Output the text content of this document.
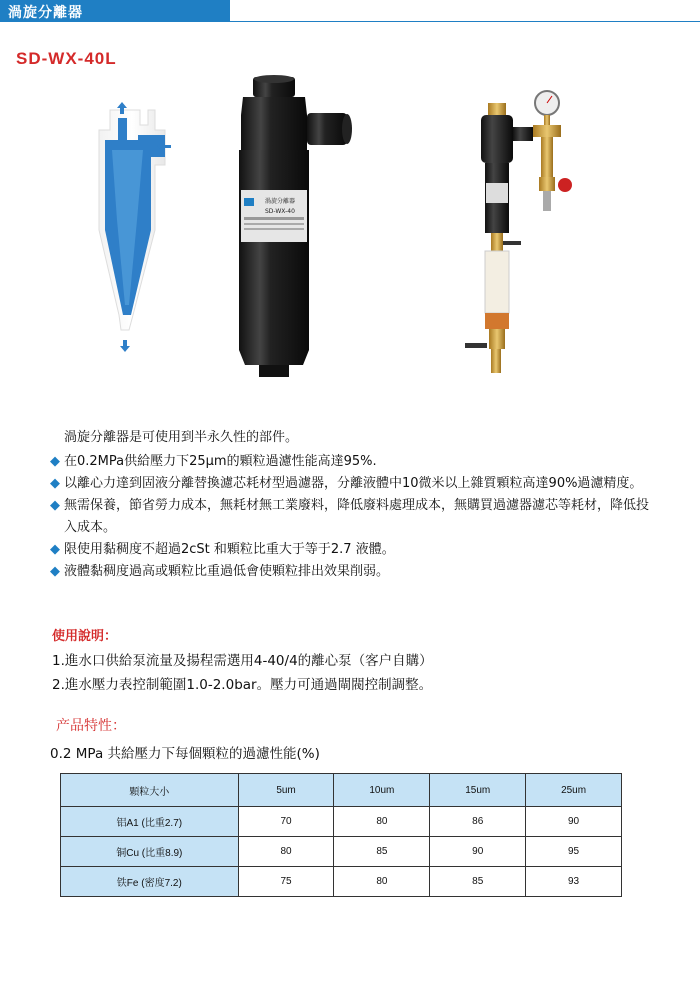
渦旋分離器
SD-WX-40L
渦旋分離器
SD-WX-40
渦旋分離器是可使用到半永久性的部件。
◆ 在0.2MPa供給壓力下25μm的顆粒過濾性能高達95%.
◆ 以離心力達到固液分離替換濾芯耗材型過濾器，分離液體中10微米以上雜質顆粒高達90%過濾精度。
◆ 無需保養，節省勞力成本，無耗材無工業廢料，降低廢料處理成本，無購買過濾器濾芯等耗材，降低投入成本。
◆ 限使用黏稠度不超過2cSt 和顆粒比重大于等于2.7 液體。
◆ 液體黏稠度過高或顆粒比重過低會使顆粒排出效果削弱。
使用說明：
1.進水口供給泵流量及揚程需選用4-40/4的離心泵（客户自購）
2.進水壓力表控制範圍1.0-2.0bar。壓力可通過閘閥控制調整。
产品特性：
0.2 MPa 共給壓力下每個顆粒的過濾性能(%)
顆粒大小	5um	10um	15um	25um
铝A1 (比重2.7)	70	80	86	90
铜Cu (比重8.9)	80	85	90	95
铁Fe (密度7.2)	75	80	85	93
